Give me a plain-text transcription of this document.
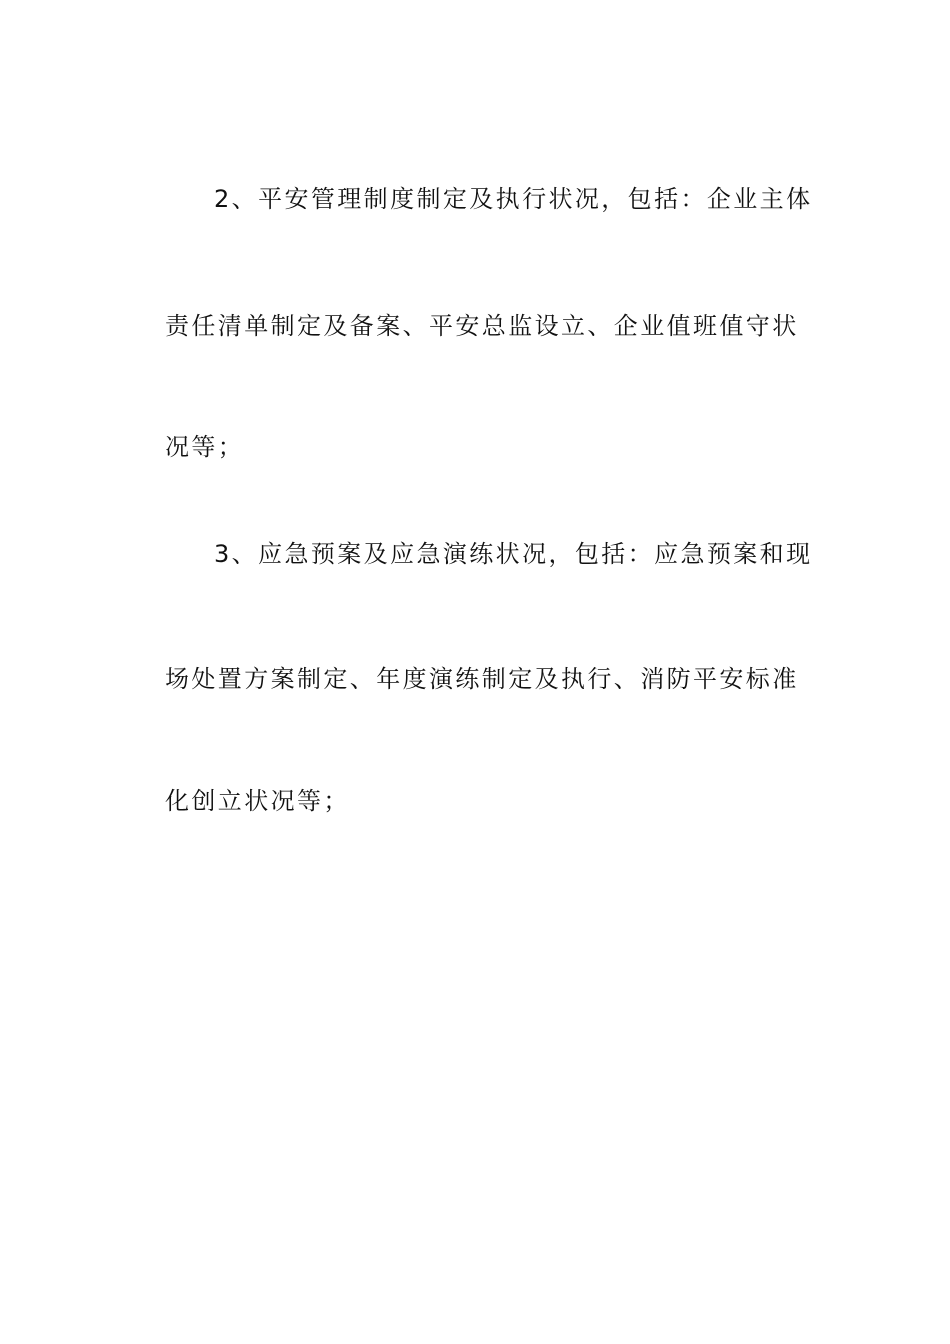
2、平安管理制度制定及执行状况，包括：企业主体
责任清单制定及备案、平安总监设立、企业值班值守状
况等；
3、应急预案及应急演练状况，包括：应急预案和现
场处置方案制定、年度演练制定及执行、消防平安标准
化创立状况等；
